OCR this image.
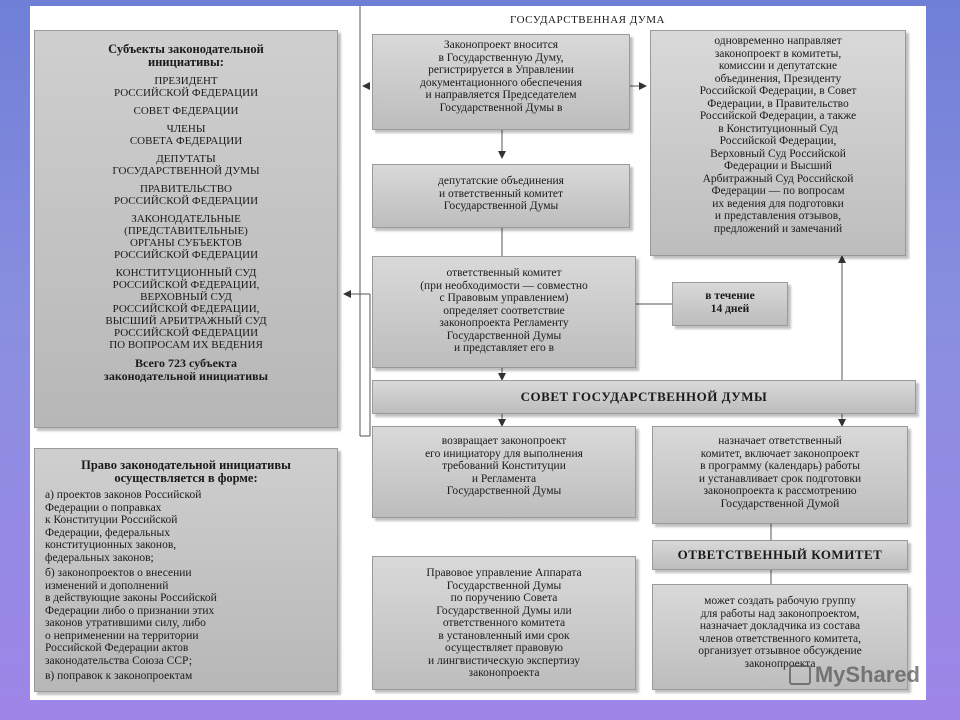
ГОСУДАРСТВЕННАЯ ДУМА
Субъекты законодательной
инициативы:
ПРЕЗИДЕНТ
РОССИЙСКОЙ ФЕДЕРАЦИИ
СОВЕТ ФЕДЕРАЦИИ
ЧЛЕНЫ
СОВЕТА ФЕДЕРАЦИИ
ДЕПУТАТЫ
ГОСУДАРСТВЕННОЙ ДУМЫ
ПРАВИТЕЛЬСТВО
РОССИЙСКОЙ ФЕДЕРАЦИИ
ЗАКОНОДАТЕЛЬНЫЕ
(ПРЕДСТАВИТЕЛЬНЫЕ)
ОРГАНЫ СУБЪЕКТОВ
РОССИЙСКОЙ ФЕДЕРАЦИИ
КОНСТИТУЦИОННЫЙ СУД
РОССИЙСКОЙ ФЕДЕРАЦИИ,
ВЕРХОВНЫЙ СУД
РОССИЙСКОЙ ФЕДЕРАЦИИ,
ВЫСШИЙ АРБИТРАЖНЫЙ СУД
РОССИЙСКОЙ ФЕДЕРАЦИИ
ПО ВОПРОСАМ ИХ ВЕДЕНИЯ
Всего 723 субъекта
законодательной инициативы
Право законодательной инициативы
осуществляется в форме:
а) проектов законов Российской
Федерации о поправках
к Конституции Российской
Федерации, федеральных
конституционных законов,
федеральных законов;
б) законопроектов о внесении
изменений и дополнений
в действующие законы Российской
Федерации либо о признании этих
законов утратившими силу, либо
о неприменении на территории
Российской Федерации актов
законодательства Союза ССР;
в) поправок к законопроектам
Законопроект вносится
в Государственную Думу,
регистрируется в Управлении
документационного обеспечения
и направляется Председателем
Государственной Думы в
одновременно направляет
законопроект в комитеты,
комиссии и депутатские
объединения, Президенту
Российской Федерации, в Совет
Федерации, в Правительство
Российской Федерации, а также
в Конституционный Суд
Российской Федерации,
Верховный Суд Российской
Федерации и Высший
Арбитражный Суд Российской
Федерации — по вопросам
их ведения для подготовки
и представления отзывов,
предложений и замечаний
депутатские объединения
и ответственный комитет
Государственной Думы
ответственный комитет
(при необходимости — совместно
с Правовым управлением)
определяет соответствие
законопроекта Регламенту
Государственной Думы
и представляет его в
в течение
14 дней
СОВЕТ ГОСУДАРСТВЕННОЙ ДУМЫ
возвращает законопроект
его инициатору для выполнения
требований Конституции
и Регламента
Государственной Думы
назначает ответственный
комитет, включает законопроект
в программу (календарь) работы
и устанавливает срок подготовки
законопроекта к рассмотрению
Государственной Думой
ОТВЕТСТВЕННЫЙ КОМИТЕТ
Правовое управление Аппарата
Государственной Думы
по поручению Совета
Государственной Думы или
ответственного комитета
в установленный ими срок
осуществляет правовую
и лингвистическую экспертизу
законопроекта
может создать рабочую группу
для работы над законопроектом,
назначает докладчика из состава
членов ответственного комитета,
организует отзывное обсуждение
законопроекта MyShared
